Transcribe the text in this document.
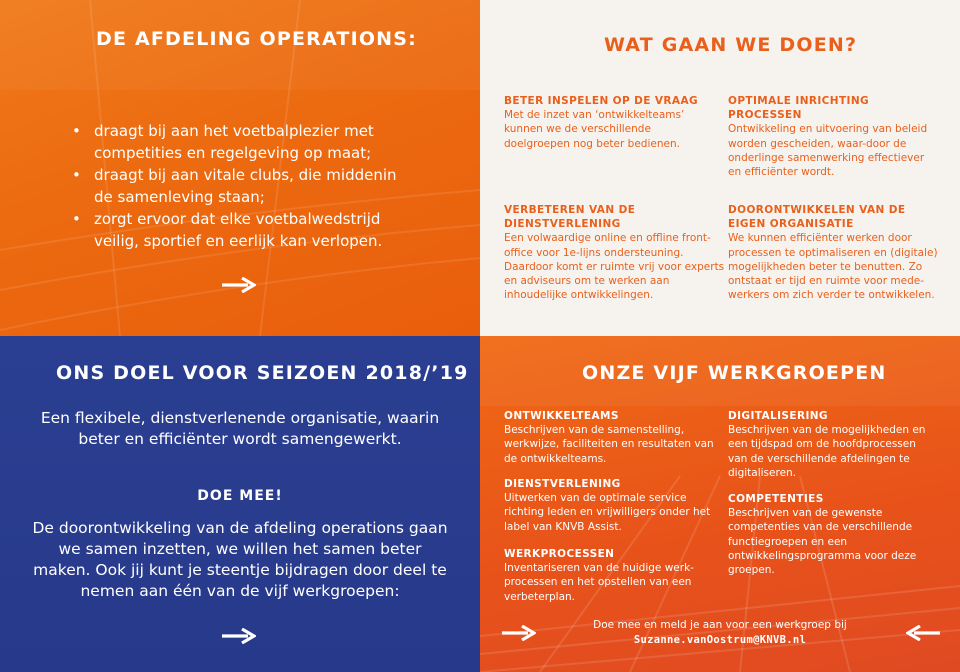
DE AFDELING OPERATIONS:
• draagt bij aan het voetbalplezier met competities en regelgeving op maat;
• draagt bij aan vitale clubs, die middenin de samenleving staan;
• zorgt ervoor dat elke voetbalwedstrijd veilig, sportief en eerlijk kan verlopen.
WAT GAAN WE DOEN?
BETER INSPELEN OP DE VRAAG
Met de inzet van ‘ontwikkelteams’ kunnen we de verschillende doelgroepen nog beter bedienen.
OPTIMALE INRICHTING PROCESSEN
Ontwikkeling en uitvoering van beleid worden gescheiden, waar-door de onderlinge samenwerking effectiever en efficiënter wordt.
VERBETEREN VAN DE DIENSTVERLENING
Een volwaardige online en offline front-office voor 1e-lijns ondersteuning. Daardoor komt er ruimte vrij voor experts en adviseurs om te werken aan inhoudelijke ontwikkelingen.
DOORONTWIKKELEN VAN DE EIGEN ORGANISATIE
We kunnen efficiënter werken door processen te optimaliseren en (digitale) mogelijkheden beter te benutten. Zo ontstaat er tijd en ruimte voor mede-werkers om zich verder te ontwikkelen.
ONS DOEL VOOR SEIZOEN 2018/’19

Een flexibele, dienstverlenende organisatie, waarin beter en efficiënter wordt samengewerkt.

DOE MEE!

De doorontwikkeling van de afdeling operations gaan we samen inzetten, we willen het samen beter maken. Ook jij kunt je steentje bijdragen door deel te nemen aan één van de vijf werkgroepen:

ONZE VIJF WERKGROEPEN
ONTWIKKELTEAMS
Beschrijven van de samenstelling, werkwijze, faciliteiten en resultaten van de ontwikkelteams.
DIGITALISERING
Beschrijven van de mogelijkheden en een tijdspad om de hoofdprocessen van de verschillende afdelingen te digitaliseren.
DIENSTVERLENING
Uitwerken van de optimale service richting leden en vrijwilligers onder het label van KNVB Assist.
COMPETENTIES
Beschrijven van de gewenste competenties van de verschillende functiegroepen en een ontwikkelingsprogramma voor deze groepen.
WERKPROCESSEN
Inventariseren van de huidige werk-processen en het opstellen van een verbeterplan.
Doe mee en meld je aan voor een werkgroep bij
Suzanne.vanOostrum@KNVB.nl
